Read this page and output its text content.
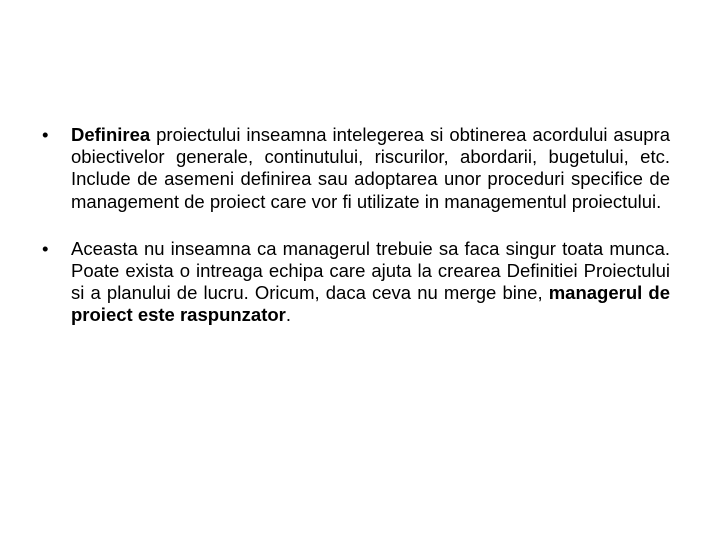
• Definirea proiectului inseamna intelegerea si obtinerea acordului asupra obiectivelor generale, continutului, riscurilor, abordarii, bugetului, etc. Include de asemeni definirea sau adoptarea unor proceduri specifice de management de proiect care vor fi utilizate in managementul proiectului.
• Aceasta nu inseamna ca managerul trebuie sa faca singur toata munca. Poate exista o intreaga echipa care ajuta la crearea Definitiei Proiectului si a planului de lucru. Oricum, daca ceva nu merge bine, managerul de proiect este raspunzator.
